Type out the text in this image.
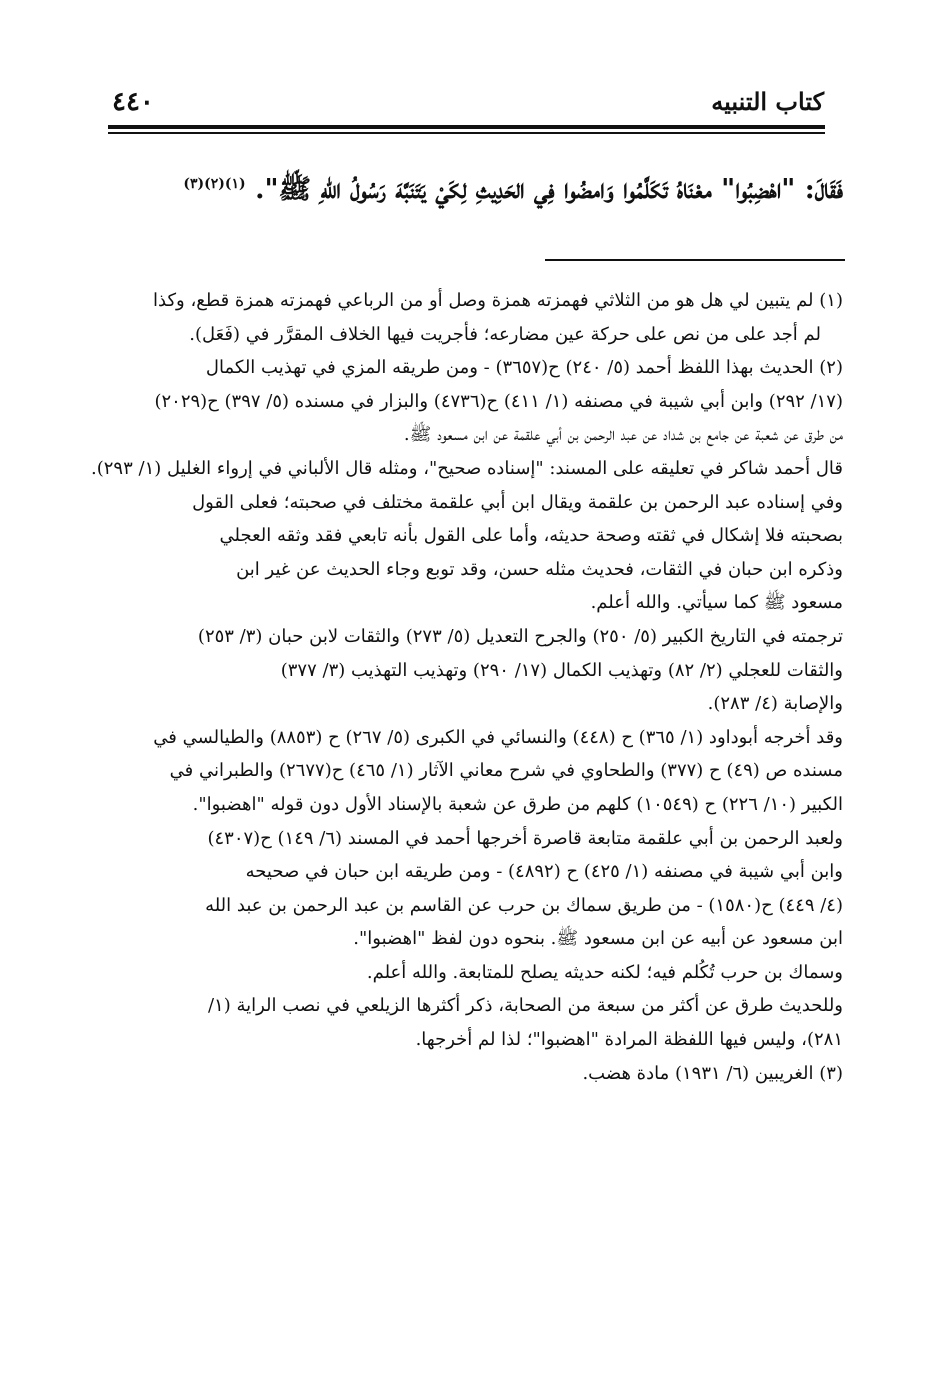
كتاب التنبيه
٤٤٠
فَقَالَ: "اهْضِبُوا" معْنَاهُ تَكَلَّمُوا وَامضُوا فِي الحَدِيثِ لِكَيْ يَتَنَبَّهَ رَسُولُ اللّٰهِ ﷺ". $^{(١)(٢)(٣)}$
(١) لم يتبين لي هل هو من الثلاثي فهمزته همزة وصل أو من الرباعي فهمزته همزة قطع، وكذا
لم أجد على من نص على حركة عين مضارعه؛ فأجريت فيها الخلاف المقرَّر في (فَعَل).
(٢) الحديث بهذا اللفظ أحمد (٥/ ٢٤٠) ح(٣٦٥٧) - ومن طريقه المزي في تهذيب الكمال
(١٧/ ٢٩٢) وابن أبي شيبة في مصنفه (١/ ٤١١) ح(٤٧٣٦) والبزار في مسنده (٥/ ٣٩٧) ح(٢٠٢٩)
من طرق عن شعبة عن جامع بن شداد عن عبد الرحمن بن أبي علقمة عن ابن مسعود ﷺ.
قال أحمد شاكر في تعليقه على المسند: "إسناده صحيح"، ومثله قال الألباني في إرواء الغليل (١/ ٢٩٣).
وفي إسناده عبد الرحمن بن علقمة ويقال ابن أبي علقمة مختلف في صحبته؛ فعلى القول
بصحبته فلا إشكال في ثقته وصحة حديثه، وأما على القول بأنه تابعي فقد وثقه العجلي
وذكره ابن حبان في الثقات، فحديث مثله حسن، وقد توبع وجاء الحديث عن غير ابن
مسعود ﷺ كما سيأتي. والله أعلم.
ترجمته في التاريخ الكبير (٥/ ٢٥٠) والجرح التعديل (٥/ ٢٧٣) والثقات لابن حبان (٣/ ٢٥٣)
والثقات للعجلي (٢/ ٨٢) وتهذيب الكمال (١٧/ ٢٩٠) وتهذيب التهذيب (٣/ ٣٧٧)
والإصابة (٤/ ٢٨٣).
وقد أخرجه أبوداود (١/ ٣٦٥) ح (٤٤٨) والنسائي في الكبرى (٥/ ٢٦٧) ح (٨٨٥٣) والطيالسي في
مسنده ص (٤٩) ح (٣٧٧) والطحاوي في شرح معاني الآثار (١/ ٤٦٥) ح(٢٦٧٧) والطبراني في
الكبير (١٠/ ٢٢٦) ح (١٠٥٤٩) كلهم من طرق عن شعبة بالإسناد الأول دون قوله "اهضبوا".
ولعبد الرحمن بن أبي علقمة متابعة قاصرة أخرجها أحمد في المسند (٦/ ١٤٩) ح(٤٣٠٧)
وابن أبي شيبة في مصنفه (١/ ٤٢٥) ح (٤٨٩٢) - ومن طريقه ابن حبان في صحيحه
(٤/ ٤٤٩) ح(١٥٨٠) - من طريق سماك بن حرب عن القاسم بن عبد الرحمن بن عبد الله
ابن مسعود عن أبيه عن ابن مسعود ﷺ. بنحوه دون لفظ "اهضبوا".
وسماك بن حرب تُكُلم فيه؛ لكنه حديثه يصلح للمتابعة. والله أعلم.
وللحديث طرق عن أكثر من سبعة من الصحابة، ذكر أكثرها الزيلعي في نصب الراية (١/
٢٨١)، وليس فيها اللفظة المرادة "اهضبوا"؛ لذا لم أخرجها.
(٣) الغريبين (٦/ ١٩٣١) مادة هضب.
